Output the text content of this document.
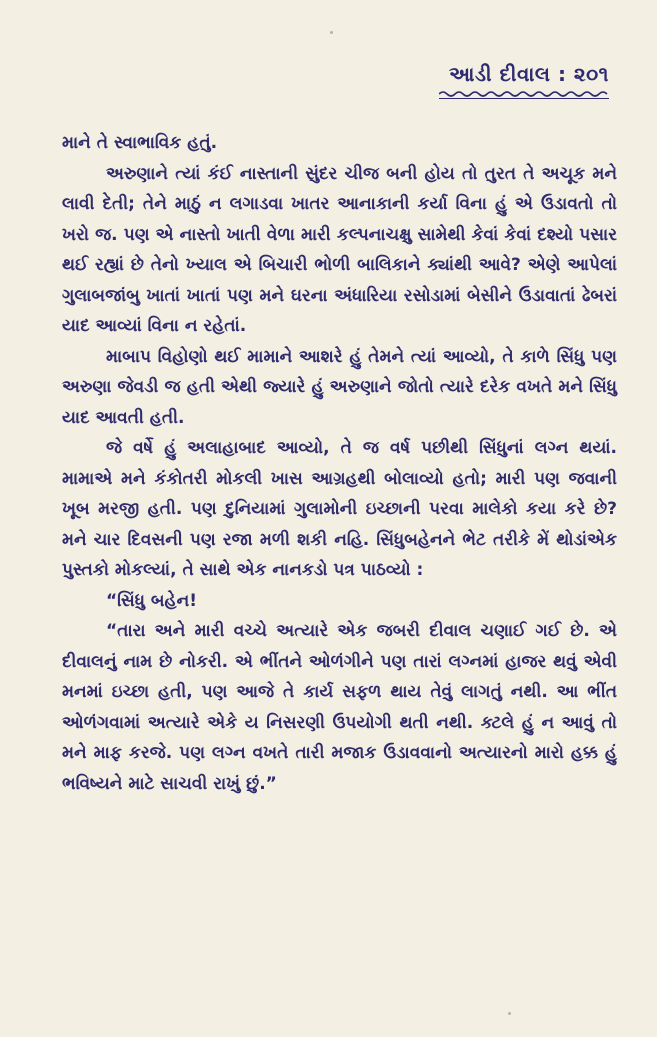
આડી દીવાલ : ૨૦૧

માને તે સ્વાભાવિક હતું.

અરુણાને ત્યાં કંઈ નાસ્તાની સુંદર ચીજ બની હોય તો તુરત તે અચૂક મને લાવી દેતી; તેને માઠું ન લગાડવા ખાતર આનાકાની કર્યા વિના હું એ ઉડાવતો તો ખરો જ. પણ એ નાસ્તો ખાતી વેળા મારી કલ્પનાચક્ષુ સામેથી કેવાં કેવાં દશ્યો પસાર થઈ રહ્યાં છે તેનો ખ્યાલ એ બિચારી ભોળી બાલિકાને ક્યાંથી આવે? એણે આપેલાં ગુલાબજાંબુ ખાતાં ખાતાં પણ મને ઘરના અંધારિયા રસોડામાં બેસીને ઉડાવાતાં ઢેબરાં યાદ આવ્યાં વિના ન રહેતાં.

માબાપ વિહોણો થઈ મામાને આશરે હું તેમને ત્યાં આવ્યો, તે કાળે સિંધુ પણ અરુણા જેવડી જ હતી એથી જ્યારે હું અરુણાને જોતો ત્યારે દરેક વખતે મને સિંધુ યાદ આવતી હતી.

જે વર્ષે હું અલાહાબાદ આવ્યો, તે જ વર્ષ પછીથી સિંધુનાં લગ્ન થયાં. મામાએ મને કંકોતરી મોકલી ખાસ આગ્રહથી બોલાવ્યો હતો; મારી પણ જવાની ખૂબ મરજી હતી. પણ દુનિયામાં ગુલામોની ઇચ્છાની પરવા માલેકો કયા કરે છે? મને ચાર દિવસની પણ રજા મળી શકી નહિ. સિંધુબહેનને ભેટ તરીકે મેં થોડાંએક પુસ્તકો મોકલ્યાં, તે સાથે એક નાનકડો પત્ર પાઠવ્યો :

“સિંધુ બહેન!

“તારા અને મારી વચ્ચે અત્યારે એક જબરી દીવાલ ચણાઈ ગઈ છે. એ દીવાલનું નામ છે નોકરી. એ ભીંતને ઓળંગીને પણ તારાં લગ્નમાં હાજર થવું એવી મનમાં ઇચ્છા હતી, પણ આજે તે કાર્ય સફળ થાય તેવું લાગતું નથી. આ ભીંત ઓળંગવામાં અત્યારે એકે ય નિસરણી ઉપયોગી થતી નથી. ક્ટલે હું ન આવું તો મને માફ કરજે. પણ લગ્ન વખતે તારી મજાક ઉડાવવાનો અત્યારનો મારો હક્ક હું ભવિષ્યને માટે સાચવી રાખું છું.”
